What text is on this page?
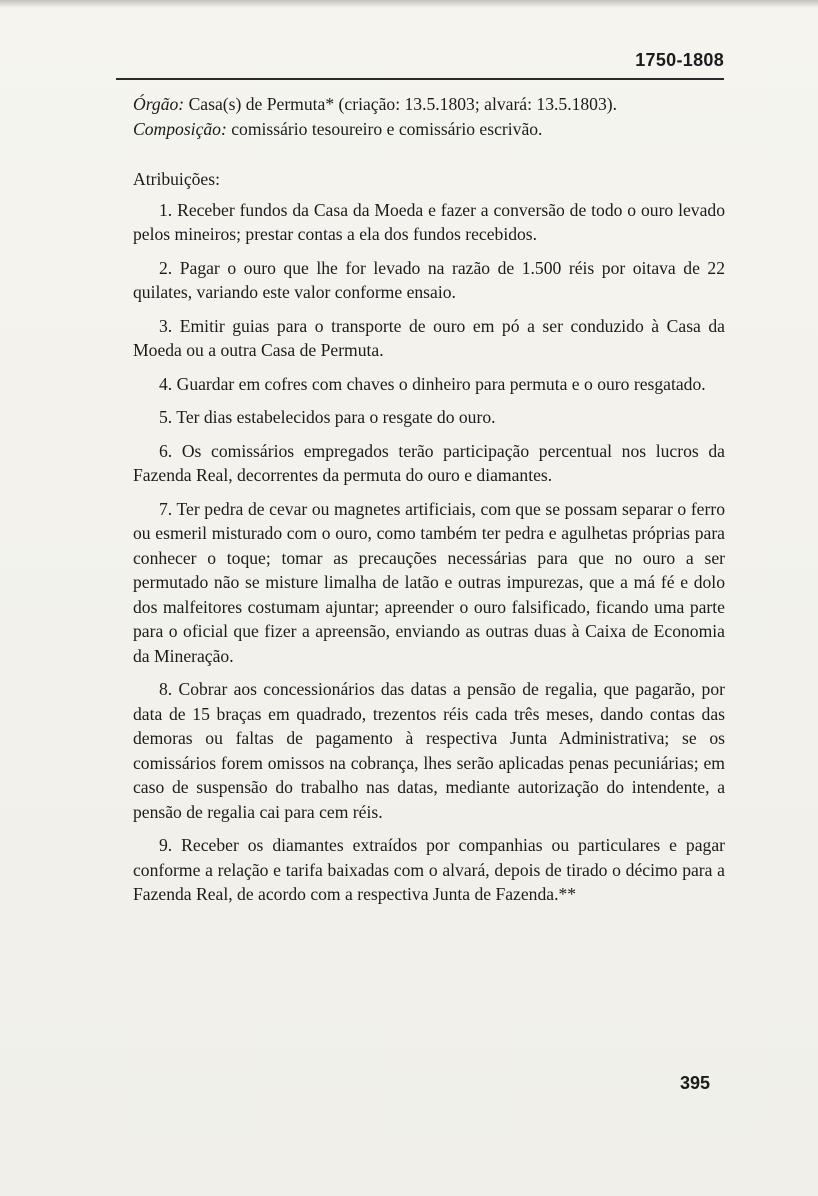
1750-1808

Órgão: Casa(s) de Permuta* (criação: 13.5.1803; alvará: 13.5.1803).

Composição: comissário tesoureiro e comissário escrivão.

Atribuições:

1. Receber fundos da Casa da Moeda e fazer a conversão de todo o ouro levado pelos mineiros; prestar contas a ela dos fundos recebidos.

2. Pagar o ouro que lhe for levado na razão de 1.500 réis por oitava de 22 quilates, variando este valor conforme ensaio.

3. Emitir guias para o transporte de ouro em pó a ser conduzido à Casa da Moeda ou a outra Casa de Permuta.

4. Guardar em cofres com chaves o dinheiro para permuta e o ouro resgatado.

5. Ter dias estabelecidos para o resgate do ouro.

6. Os comissários empregados terão participação percentual nos lucros da Fazenda Real, decorrentes da permuta do ouro e diamantes.

7. Ter pedra de cevar ou magnetes artificiais, com que se possam separar o ferro ou esmeril misturado com o ouro, como também ter pedra e agulhetas próprias para conhecer o toque; tomar as precauções necessárias para que no ouro a ser permutado não se misture limalha de latão e outras impurezas, que a má fé e dolo dos malfeitores costumam ajuntar; apreender o ouro falsificado, ficando uma parte para o oficial que fizer a apreensão, enviando as outras duas à Caixa de Economia da Mineração.

8. Cobrar aos concessionários das datas a pensão de regalia, que pagarão, por data de 15 braças em quadrado, trezentos réis cada três meses, dando contas das demoras ou faltas de pagamento à respectiva Junta Administrativa; se os comissários forem omissos na cobrança, lhes serão aplicadas penas pecuniárias; em caso de suspensão do trabalho nas datas, mediante autorização do intendente, a pensão de regalia cai para cem réis.

9. Receber os diamantes extraídos por companhias ou particulares e pagar conforme a relação e tarifa baixadas com o alvará, depois de tirado o décimo para a Fazenda Real, de acordo com a respectiva Junta de Fazenda.**

395
